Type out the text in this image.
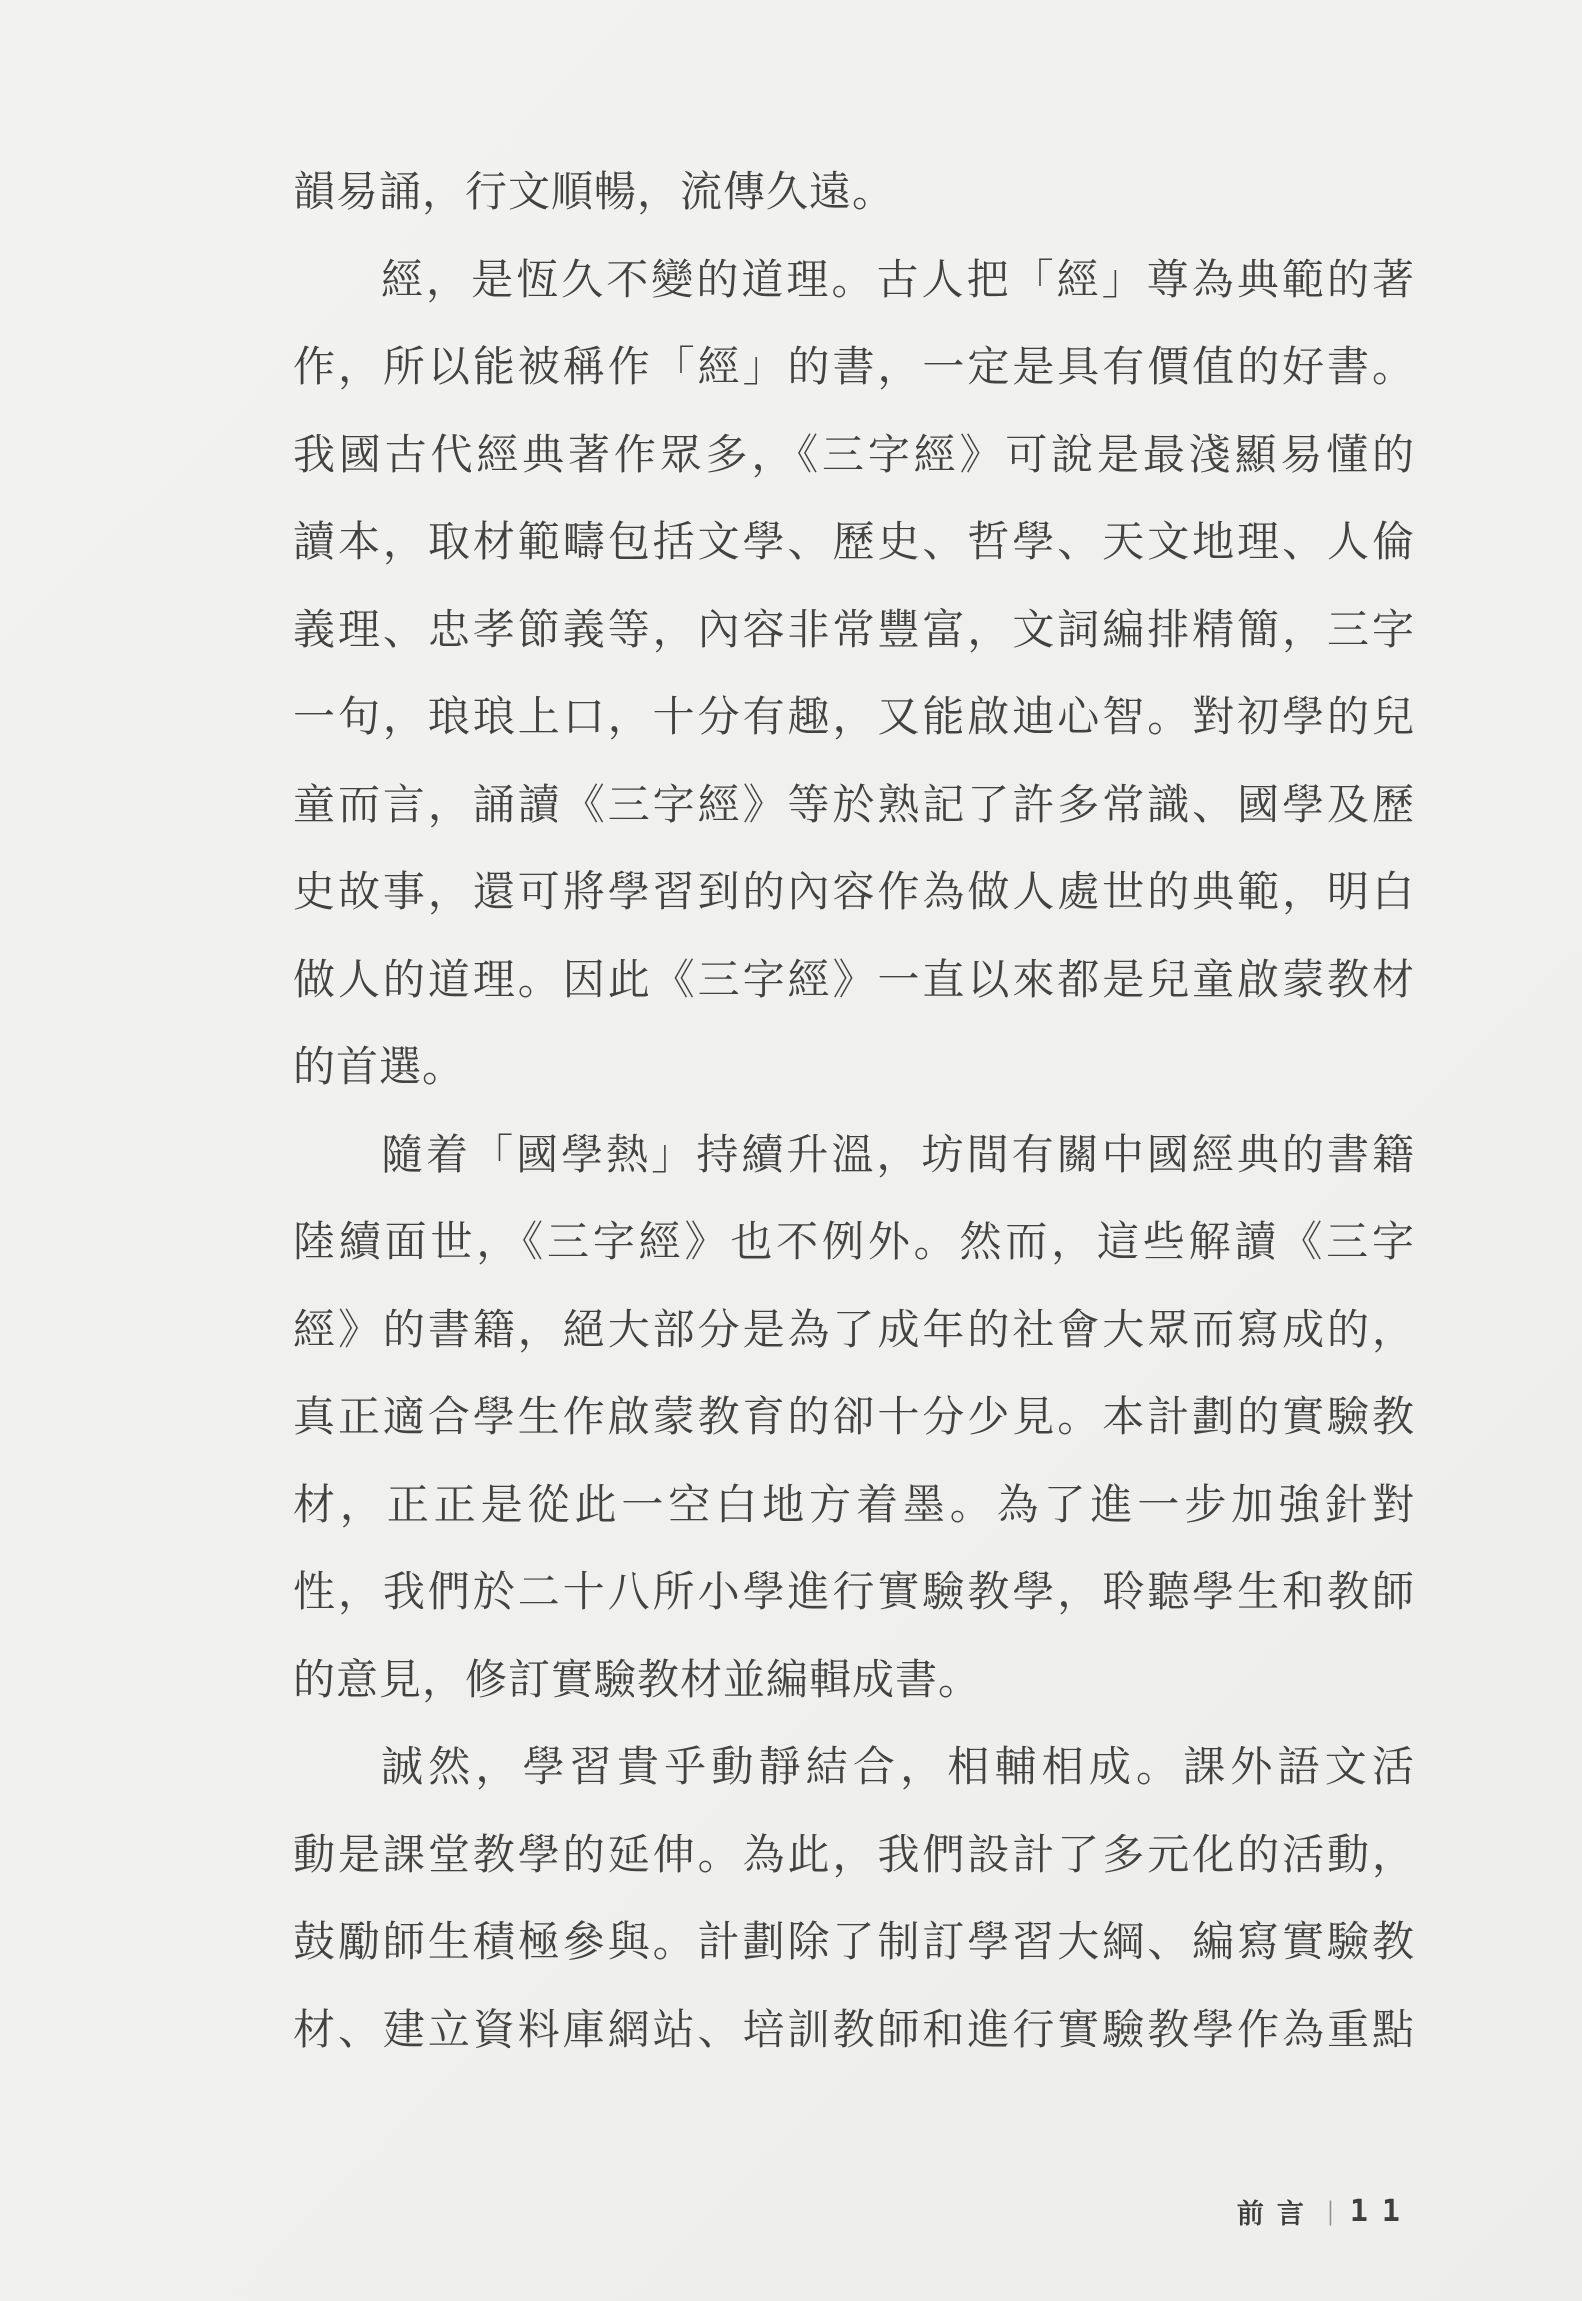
韻易誦，行文順暢，流傳久遠。
經，是恆久不變的道理。古人把「經」尊為典範的著
作，所以能被稱作「經」的書，一定是具有價值的好書。
我國古代經典著作眾多，《三字經》可說是最淺顯易懂的
讀本，取材範疇包括文學、歷史、哲學、天文地理、人倫
義理、忠孝節義等，內容非常豐富，文詞編排精簡，三字
一句，琅琅上口，十分有趣，又能啟迪心智。對初學的兒
童而言，誦讀《三字經》等於熟記了許多常識、國學及歷
史故事，還可將學習到的內容作為做人處世的典範，明白
做人的道理。因此《三字經》一直以來都是兒童啟蒙教材
的首選。
隨着「國學熱」持續升溫，坊間有關中國經典的書籍
陸續面世，《三字經》也不例外。然而，這些解讀《三字
經》的書籍，絕大部分是為了成年的社會大眾而寫成的，
真正適合學生作啟蒙教育的卻十分少見。本計劃的實驗教
材，正正是從此一空白地方着墨。為了進一步加強針對
性，我們於二十八所小學進行實驗教學，聆聽學生和教師
的意見，修訂實驗教材並編輯成書。
誠然，學習貴乎動靜結合，相輔相成。課外語文活
動是課堂教學的延伸。為此，我們設計了多元化的活動，
鼓勵師生積極參與。計劃除了制訂學習大綱、編寫實驗教
材、建立資料庫網站、培訓教師和進行實驗教學作為重點
前言 | 11
